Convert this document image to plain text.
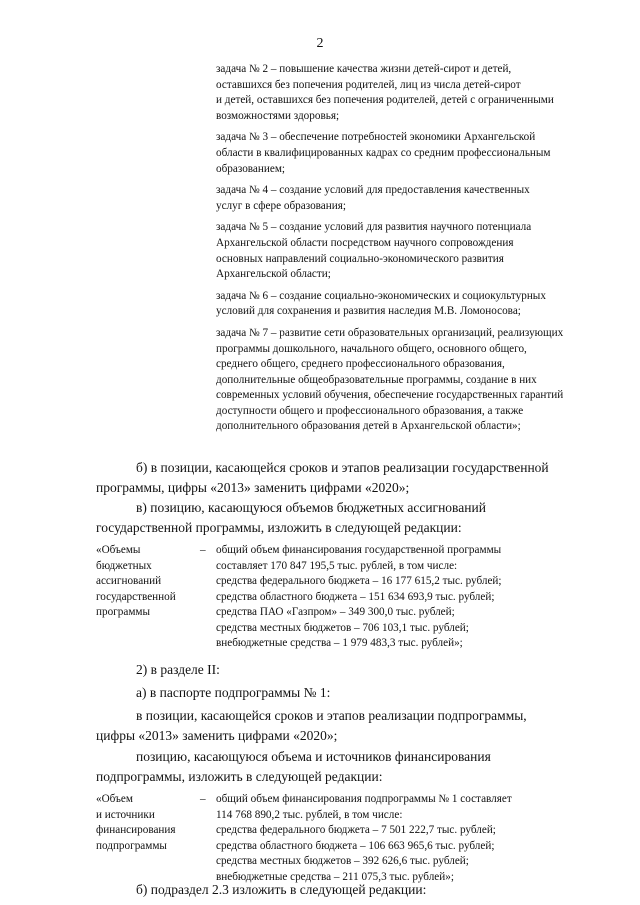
2

задача № 2 – повышение качества жизни детей-сирот и детей,
оставшихся без попечения родителей, лиц из числа детей-сирот
и детей, оставшихся без попечения родителей, детей с ограниченными
возможностями здоровья;

задача № 3 – обеспечение потребностей экономики Архангельской
области в квалифицированных кадрах со средним профессиональным
образованием;

задача № 4 – создание условий для предоставления качественных
услуг в сфере образования;

задача № 5 – создание условий для развития научного потенциала
Архангельской области посредством научного сопровождения
основных направлений социально-экономического развития
Архангельской области;

задача № 6 – создание социально-экономических и социокультурных
условий для сохранения и развития наследия М.В. Ломоносова;

задача № 7 – развитие сети образовательных организаций, реализующих
программы дошкольного, начального общего, основного общего,
среднего общего, среднего профессионального образования,
дополнительные общеобразовательные программы, создание в них
современных условий обучения, обеспечение государственных гарантий
доступности общего и профессионального образования, а также
дополнительного образования детей в Архангельской области»;

б) в позиции, касающейся сроков и этапов реализации государственной
программы, цифры «2013» заменить цифрами «2020»;
в) позицию, касающуюся объемов бюджетных ассигнований
государственной программы, изложить в следующей редакции:
«Объемы
бюджетных
ассигнований
государственной
программы
– общий объем финансирования государственной программы
составляет 170 847 195,5 тыс. рублей, в том числе:
средства федерального бюджета – 16 177 615,2 тыс. рублей;
средства областного бюджета – 151 634 693,9 тыс. рублей;
средства ПАО «Газпром» – 349 300,0 тыс. рублей;
средства местных бюджетов – 706 103,1 тыс. рублей;
внебюджетные средства – 1 979 483,3 тыс. рублей»;
2) в разделе II:
а) в паспорте подпрограммы № 1:
в позиции, касающейся сроков и этапов реализации подпрограммы,
цифры «2013» заменить цифрами «2020»;
позицию, касающуюся объема и источников финансирования
подпрограммы, изложить в следующей редакции:
«Объем
и источники
финансирования
подпрограммы
– общий объем финансирования подпрограммы № 1 составляет
114 768 890,2 тыс. рублей, в том числе:
средства федерального бюджета – 7 501 222,7 тыс. рублей;
средства областного бюджета – 106 663 965,6 тыс. рублей;
средства местных бюджетов – 392 626,6 тыс. рублей;
внебюджетные средства – 211 075,3 тыс. рублей»;
б) подраздел 2.3 изложить в следующей редакции:
